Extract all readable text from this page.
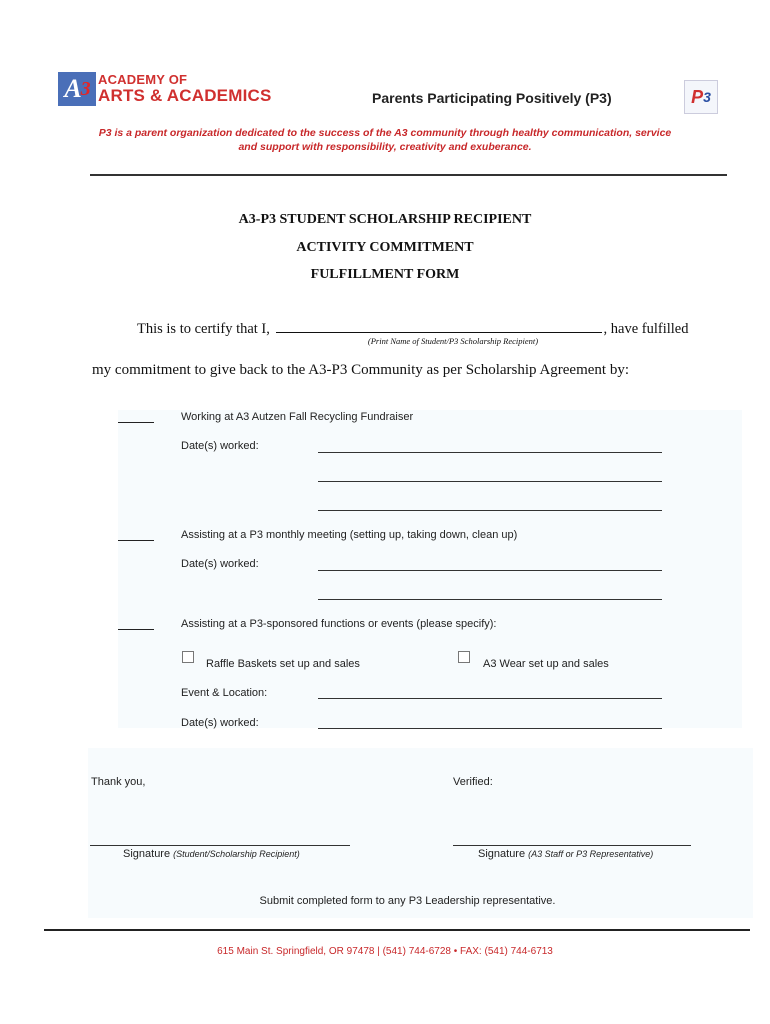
$A^3$ ACADEMY OF
ARTS & ACADEMICS	Parents Participating Positively (P3)	$P^3$
P3 is a parent organization dedicated to the success of the A3 community through healthy communication, service and support with responsibility, creativity and exuberance.
A3-P3 STUDENT SCHOLARSHIP RECIPIENT
ACTIVITY COMMITMENT
FULFILLMENT FORM
This is to certify that I,	, have fulfilled
(Print Name of Student/P3 Scholarship Recipient)
my commitment to give back to the A3-P3 Community as per Scholarship Agreement by:
Working at A3 Autzen Fall Recycling Fundraiser
Date(s) worked:
Assisting at a P3 monthly meeting (setting up, taking down, clean up)
Date(s) worked:
Assisting at a P3-sponsored functions or events (please specify):
Raffle Baskets set up and sales	A3 Wear set up and sales
Event & Location:
Date(s) worked:
Thank you,	Verified:
Signature (Student/Scholarship Recipient)	Signature (A3 Staff or P3 Representative)
Submit completed form to any P3 Leadership representative.
615 Main St. Springfield, OR 97478 | (541) 744-6728 • FAX: (541) 744-6713
